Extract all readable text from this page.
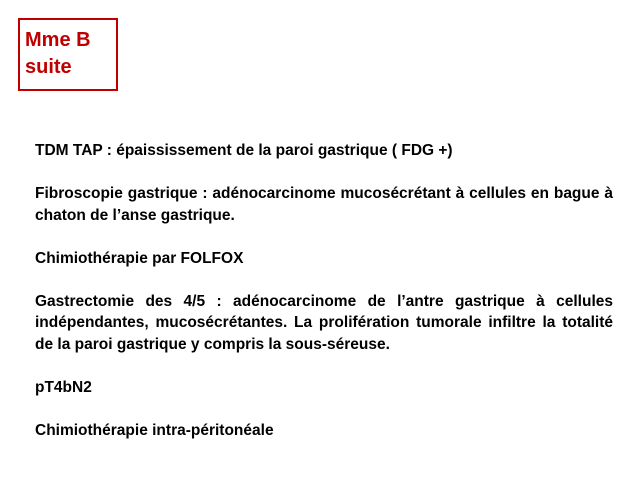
Mme B
suite

TDM TAP : épaississement de la paroi gastrique ( FDG +)

Fibroscopie gastrique : adénocarcinome mucosécrétant à cellules en bague à chaton de l’anse gastrique.

Chimiothérapie par FOLFOX

Gastrectomie des 4/5 : adénocarcinome de l’antre gastrique à cellules indépendantes, mucosécrétantes. La prolifération tumorale infiltre la totalité de la paroi gastrique y compris la sous-séreuse.

pT4bN2

Chimiothérapie intra-péritonéale
